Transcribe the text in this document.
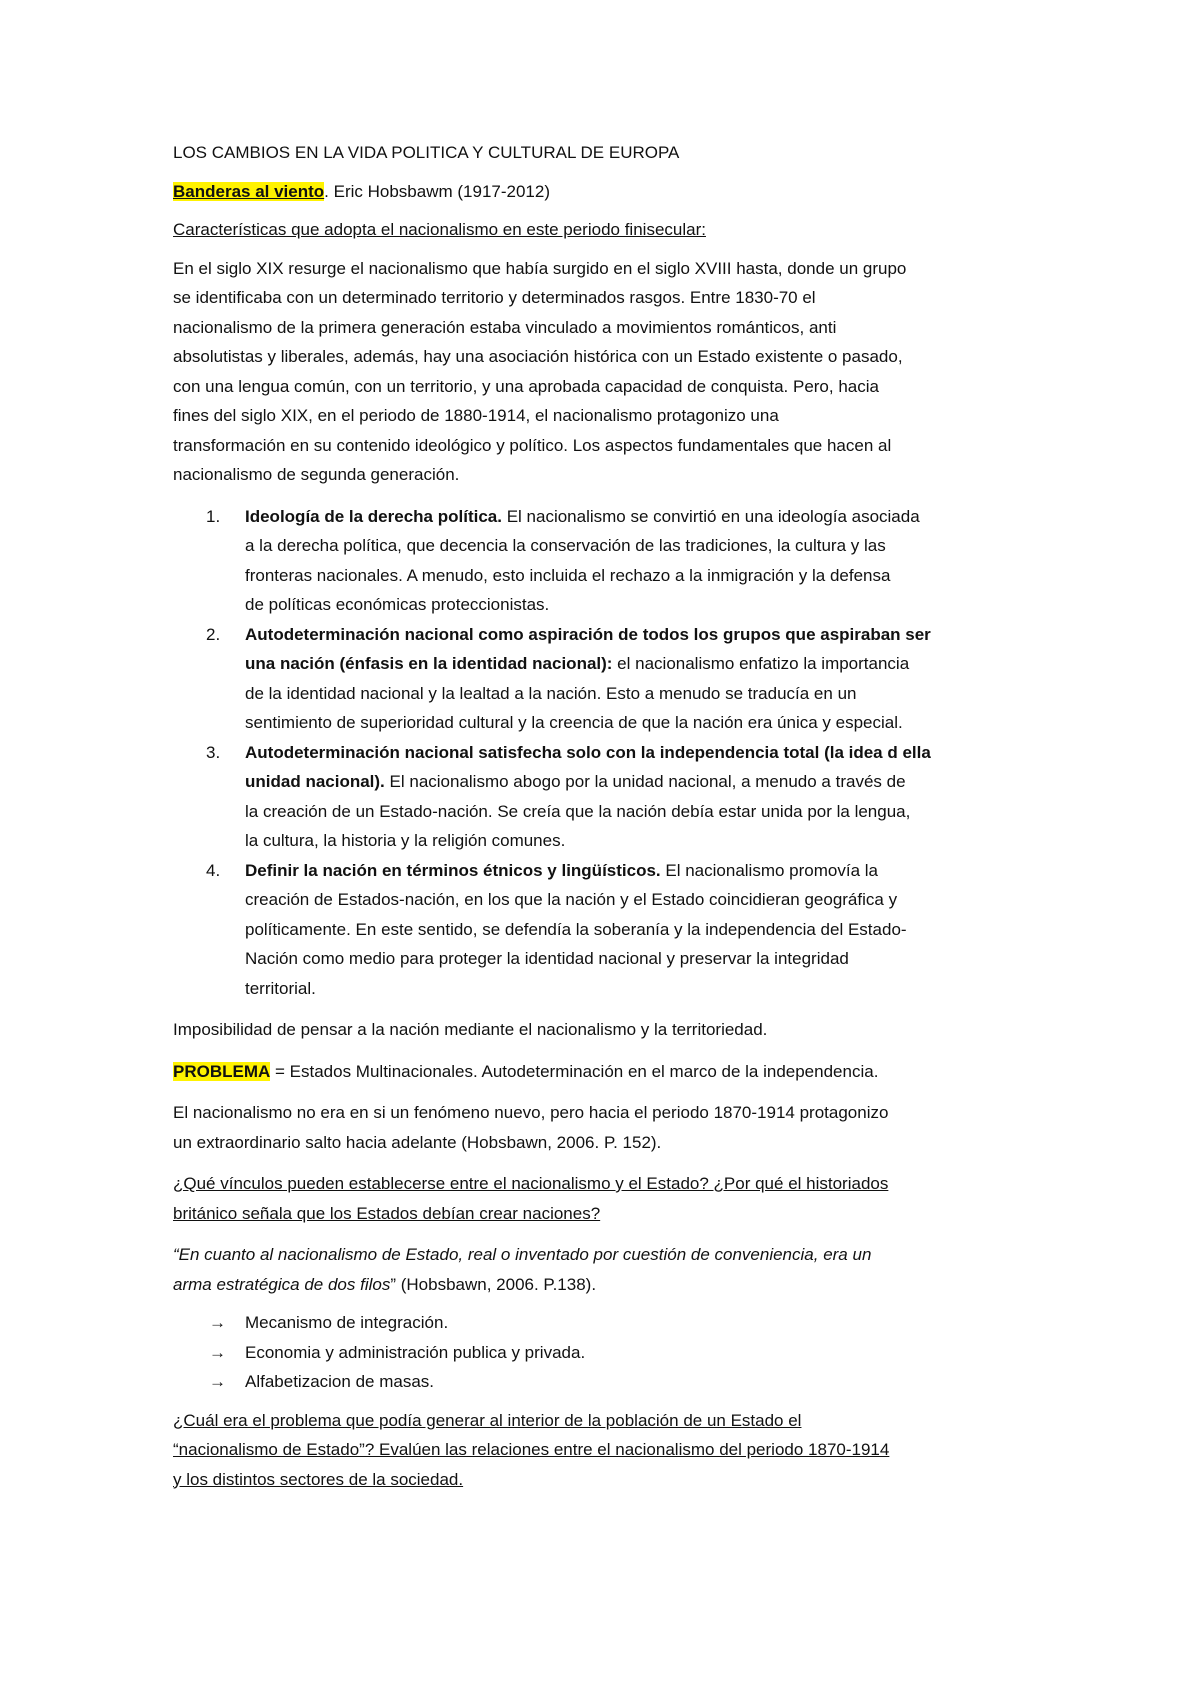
LOS CAMBIOS EN LA VIDA POLITICA Y CULTURAL DE EUROPA

Banderas al viento. Eric Hobsbawm (1917-2012)

Características que adopta el nacionalismo en este periodo finisecular:

En el siglo XIX resurge el nacionalismo que había surgido en el siglo XVIII hasta, donde un grupo
se identificaba con un determinado territorio y determinados rasgos. Entre 1830-70 el
nacionalismo de la primera generación estaba vinculado a movimientos románticos, anti
absolutistas y liberales, además, hay una asociación histórica con un Estado existente o pasado,
con una lengua común, con un territorio, y una aprobada capacidad de conquista. Pero, hacia
fines del siglo XIX, en el periodo de 1880-1914, el nacionalismo protagonizo una
transformación en su contenido ideológico y político. Los aspectos fundamentales que hacen al
nacionalismo de segunda generación.
1. Ideología de la derecha política. El nacionalismo se convirtió en una ideología asociada
a la derecha política, que decencia la conservación de las tradiciones, la cultura y las
fronteras nacionales. A menudo, esto incluida el rechazo a la inmigración y la defensa
de políticas económicas proteccionistas.
2. Autodeterminación nacional como aspiración de todos los grupos que aspiraban ser
una nación (énfasis en la identidad nacional): el nacionalismo enfatizo la importancia
de la identidad nacional y la lealtad a la nación. Esto a menudo se traducía en un
sentimiento de superioridad cultural y la creencia de que la nación era única y especial.
3. Autodeterminación nacional satisfecha solo con la independencia total (la idea d ella
unidad nacional). El nacionalismo abogo por la unidad nacional, a menudo a través de
la creación de un Estado-nación. Se creía que la nación debía estar unida por la lengua,
la cultura, la historia y la religión comunes.
4. Definir la nación en términos étnicos y lingüísticos. El nacionalismo promovía la
creación de Estados-nación, en los que la nación y el Estado coincidieran geográfica y
políticamente. En este sentido, se defendía la soberanía y la independencia del Estado-
Nación como medio para proteger la identidad nacional y preservar la integridad
territorial.

Imposibilidad de pensar a la nación mediante el nacionalismo y la territoriedad.

PROBLEMA = Estados Multinacionales. Autodeterminación en el marco de la independencia.

El nacionalismo no era en si un fenómeno nuevo, pero hacia el periodo 1870-1914 protagonizo
un extraordinario salto hacia adelante (Hobsbawn, 2006. P. 152).
¿Qué vínculos pueden establecerse entre el nacionalismo y el Estado? ¿Por qué el historiados
británico señala que los Estados debían crear naciones?
“En cuanto al nacionalismo de Estado, real o inventado por cuestión de conveniencia, era un
arma estratégica de dos filos” (Hobsbawn, 2006. P.138).
→ Mecanismo de integración.
→ Economia y administración publica y privada.
→ Alfabetizacion de masas.
¿Cuál era el problema que podía generar al interior de la población de un Estado el
“nacionalismo de Estado”? Evalúen las relaciones entre el nacionalismo del periodo 1870-1914
y los distintos sectores de la sociedad.
